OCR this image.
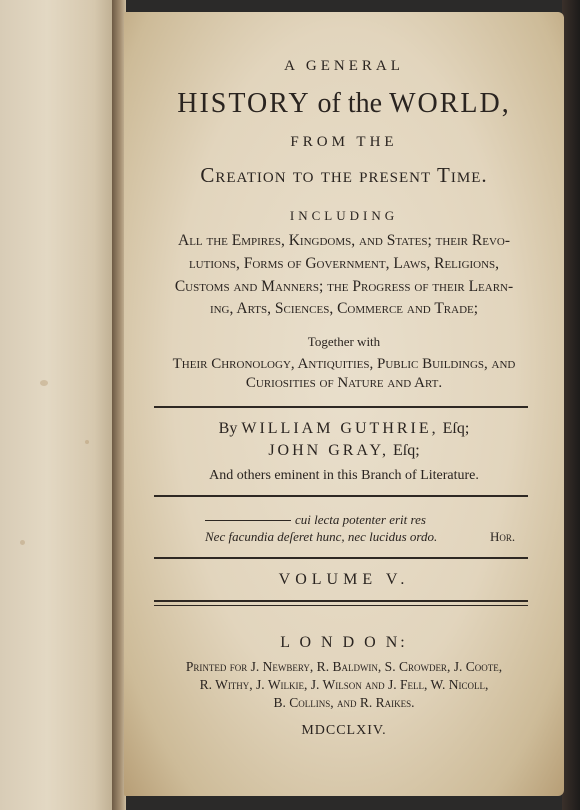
A GENERAL
HISTORY of the WORLD,
FROM THE
Creation to the preſent Time.
INCLUDING
All the Empires, Kingdoms, and States; their Revo-
lutions, Forms of Government, Laws, Religions,
Customs and Manners; the Progress of their Learn-
ing, Arts, Sciences, Commerce and Trade;
Together with
Their Chronology, Antiquities, Public Buildings, and
Curiosities of Nature and Art.
By WILLIAM GUTHRIE, Eſq;
JOHN GRAY, Eſq;
And others eminent in this Branch of Literature.
cui lecta potenter erit res
Nec facundia deſeret hunc, nec lucidus ordo.	Hor.
VOLUME V.
L O N D O N:
Printed for J. Newbery, R. Baldwin, S. Crowder, J. Coote,
R. Withy, J. Wilkie, J. Wilson and J. Fell, W. Nicoll,
B. Collins, and R. Raikes.
MDCCLXIV.
